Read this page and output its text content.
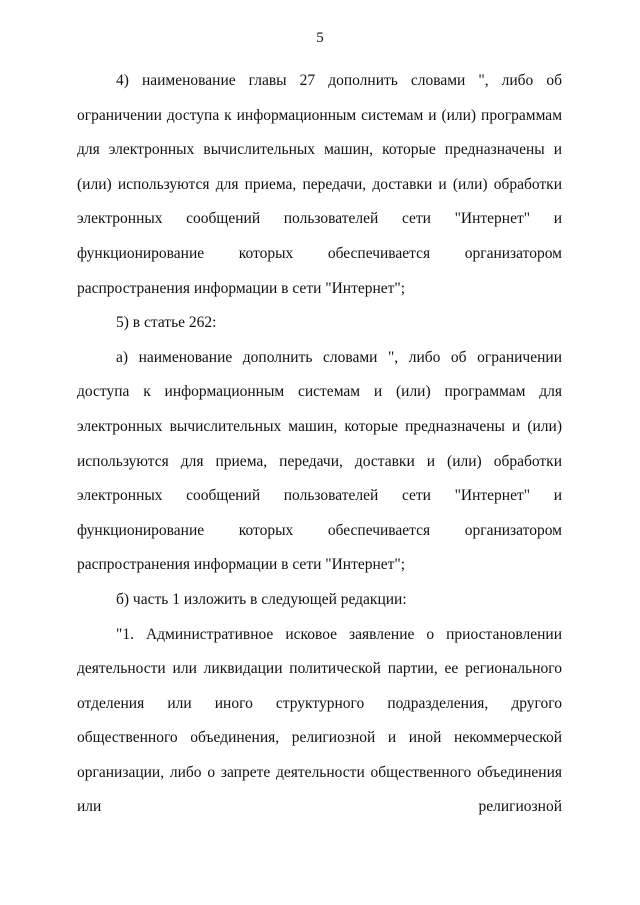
5

4) наименование главы 27 дополнить словами ", либо об ограничении доступа к информационным системам и (или) программам для электронных вычислительных машин, которые предназначены и (или) используются для приема, передачи, доставки и (или) обработки электронных сообщений пользователей сети "Интернет" и функционирование которых обеспечивается организатором распространения информации в сети "Интернет";

5) в статье 262:

а) наименование дополнить словами ", либо об ограничении доступа к информационным системам и (или) программам для электронных вычислительных машин, которые предназначены и (или) используются для приема, передачи, доставки и (или) обработки электронных сообщений пользователей сети "Интернет" и функционирование которых обеспечивается организатором распространения информации в сети "Интернет";

б) часть 1 изложить в следующей редакции:

"1. Административное исковое заявление о приостановлении деятельности или ликвидации политической партии, ее регионального отделения или иного структурного подразделения, другого общественного объединения, религиозной и иной некоммерческой организации, либо о запрете деятельности общественного объединения или религиозной
